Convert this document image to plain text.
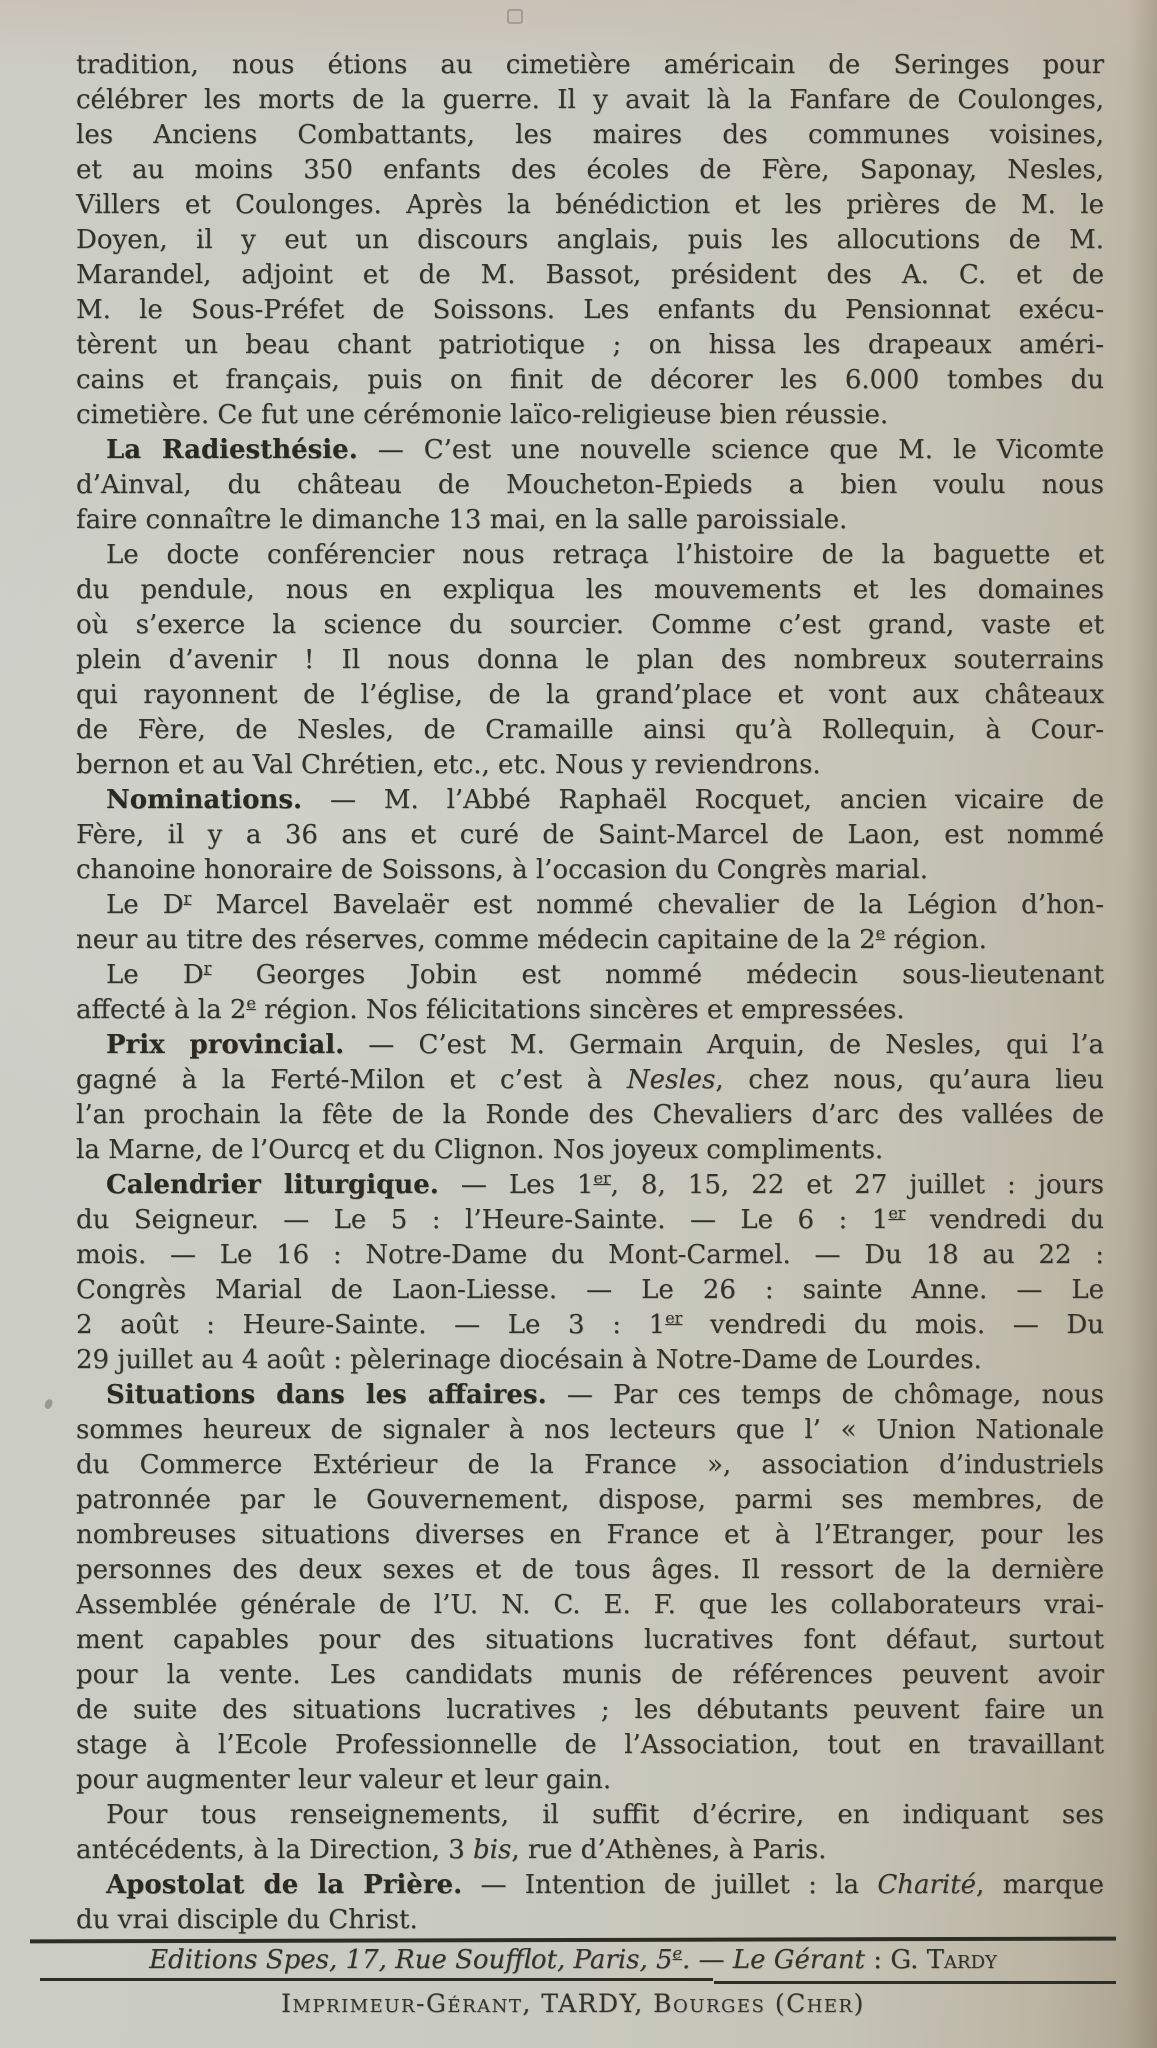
tradition, nous étions au cimetière américain de Seringes pour
célébrer les morts de la guerre. Il y avait là la Fanfare de Coulonges,
les Anciens Combattants, les maires des communes voisines,
et au moins 350 enfants des écoles de Fère, Saponay, Nesles,
Villers et Coulonges. Après la bénédiction et les prières de M. le
Doyen, il y eut un discours anglais, puis les allocutions de M.
Marandel, adjoint et de M. Bassot, président des A. C. et de
M. le Sous-Préfet de Soissons. Les enfants du Pensionnat exécu-
tèrent un beau chant patriotique ; on hissa les drapeaux améri-
cains et français, puis on finit de décorer les 6.000 tombes du
cimetière. Ce fut une cérémonie laïco-religieuse bien réussie.
La Radiesthésie. — C’est une nouvelle science que M. le Vicomte
d’Ainval, du château de Moucheton-Epieds a bien voulu nous
faire connaître le dimanche 13 mai, en la salle paroissiale.
Le docte conférencier nous retraça l’histoire de la baguette et
du pendule, nous en expliqua les mouvements et les domaines
où s’exerce la science du sourcier. Comme c’est grand, vaste et
plein d’avenir ! Il nous donna le plan des nombreux souterrains
qui rayonnent de l’église, de la grand’place et vont aux châteaux
de Fère, de Nesles, de Cramaille ainsi qu’à Rollequin, à Cour-
bernon et au Val Chrétien, etc., etc. Nous y reviendrons.
Nominations. — M. l’Abbé Raphaël Rocquet, ancien vicaire de
Fère, il y a 36 ans et curé de Saint-Marcel de Laon, est nommé
chanoine honoraire de Soissons, à l’occasion du Congrès marial.
Le $D^r$ Marcel Bavelaër est nommé chevalier de la Légion d’hon-
neur au titre des réserves, comme médecin capitaine de la 2e région.
Le $D^r$ Georges Jobin est nommé médecin sous-lieutenant
affecté à la 2e région. Nos félicitations sincères et empressées.
Prix provincial. — C’est M. Germain Arquin, de Nesles, qui l’a
gagné à la Ferté-Milon et c’est à Nesles, chez nous, qu’aura lieu
l’an prochain la fête de la Ronde des Chevaliers d’arc des vallées de
la Marne, de l’Ourcq et du Clignon. Nos joyeux compliments.
Calendrier liturgique. — Les 1er, 8, 15, 22 et 27 juillet : jours
du Seigneur. — Le 5 : l’Heure-Sainte. — Le 6 : 1er vendredi du
mois. — Le 16 : Notre-Dame du Mont-Carmel. — Du 18 au 22 :
Congrès Marial de Laon-Liesse. — Le 26 : sainte Anne. — Le
2 août : Heure-Sainte. — Le 3 : 1er vendredi du mois. — Du
29 juillet au 4 août : pèlerinage diocésain à Notre-Dame de Lourdes.
Situations dans les affaires. — Par ces temps de chômage, nous
sommes heureux de signaler à nos lecteurs que l’ « Union Nationale
du Commerce Extérieur de la France », association d’industriels
patronnée par le Gouvernement, dispose, parmi ses membres, de
nombreuses situations diverses en France et à l’Etranger, pour les
personnes des deux sexes et de tous âges. Il ressort de la dernière
Assemblée générale de l’U. N. C. E. F. que les collaborateurs vrai-
ment capables pour des situations lucratives font défaut, surtout
pour la vente. Les candidats munis de références peuvent avoir
de suite des situations lucratives ; les débutants peuvent faire un
stage à l’Ecole Professionnelle de l’Association, tout en travaillant
pour augmenter leur valeur et leur gain.
Pour tous renseignements, il suffit d’écrire, en indiquant ses
antécédents, à la Direction, 3 bis, rue d’Athènes, à Paris.
Apostolat de la Prière. — Intention de juillet : la Charité, marque
du vrai disciple du Christ.
Editions Spes, 17, Rue Soufflot, Paris, 5e. — Le Gérant : G. Tardy
Imprimeur-Gérant, TARDY, Bourges (Cher)
